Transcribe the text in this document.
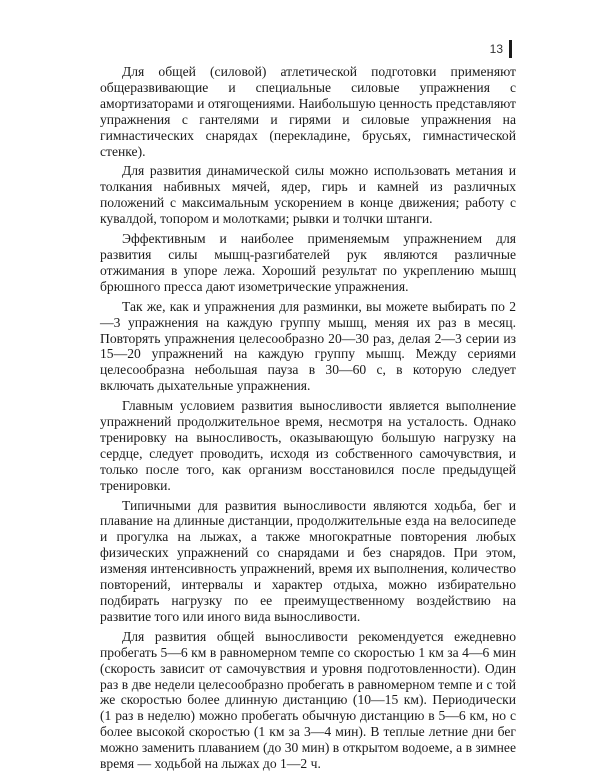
13

Для общей (силовой) атлетической подготовки применяют общеразвивающие и специальные силовые упражнения с амортизаторами и отягощениями. Наибольшую ценность представляют упражнения с гантелями и гирями и силовые упражнения на гимнастических снарядах (перекладине, брусьях, гимнастической стенке).

Для развития динамической силы можно использовать метания и толкания набивных мячей, ядер, гирь и камней из различных положений с максимальным ускорением в конце движения; работу с кувалдой, топором и молотками; рывки и толчки штанги.

Эффективным и наиболее применяемым упражнением для развития силы мышц-разгибателей рук являются различные отжимания в упоре лежа. Хороший результат по укреплению мышц брюшного пресса дают изометрические упражнения.

Так же, как и упражнения для разминки, вы можете выбирать по 2—3 упражнения на каждую группу мышц, меняя их раз в месяц. Повторять упражнения целесообразно 20—30 раз, делая 2—3 серии из 15—20 упражнений на каждую группу мышц. Между сериями целесообразна небольшая пауза в 30—60 с, в которую следует включать дыхательные упражнения.

Главным условием развития выносливости является выполнение упражнений продолжительное время, несмотря на усталость. Однако тренировку на выносливость, оказывающую большую нагрузку на сердце, следует проводить, исходя из собственного самочувствия, и только после того, как организм восстановился после предыдущей тренировки.

Типичными для развития выносливости являются ходьба, бег и плавание на длинные дистанции, продолжительные езда на велосипеде и прогулка на лыжах, а также многократные повторения любых физических упражнений со снарядами и без снарядов. При этом, изменяя интенсивность упражнений, время их выполнения, количество повторений, интервалы и характер отдыха, можно избирательно подбирать нагрузку по ее преимущественному воздействию на развитие того или иного вида выносливости.

Для развития общей выносливости рекомендуется ежедневно пробегать 5—6 км в равномерном темпе со скоростью 1 км за 4—6 мин (скорость зависит от самочувствия и уровня подготовленности). Один раз в две недели целесообразно пробегать в равномерном темпе и с той же скоростью более длинную дистанцию (10—15 км). Периодически (1 раз в неделю) можно пробегать обычную дистанцию в 5—6 км, но с более высокой скоростью (1 км за 3—4 мин). В теплые летние дни бег можно заменить плаванием (до 30 мин) в открытом водоеме, а в зимнее время — ходьбой на лыжах до 1—2 ч.
